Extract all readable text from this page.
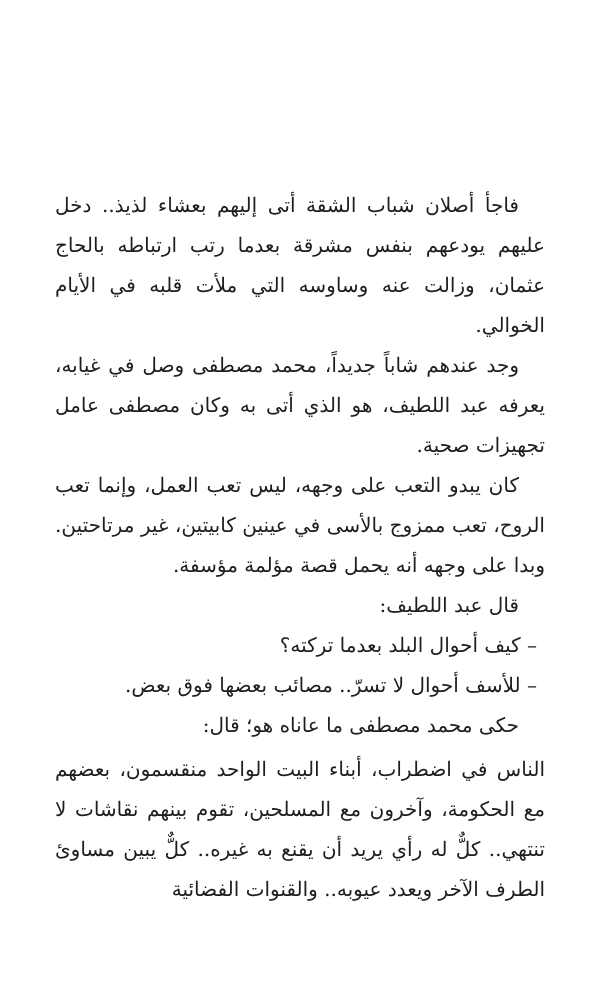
فاجأ أصلان شباب الشقة أتى إليهم بعشاء لذيذ.. دخل عليهم يودعهم بنفس مشرقة بعدما رتب ارتباطه بالحاج عثمان، وزالت عنه وساوسه التي ملأت قلبه في الأيام الخوالي.

وجد عندهم شاباً جديداً، محمد مصطفى وصل في غيابه، يعرفه عبد اللطيف، هو الذي أتى به وكان مصطفى عامل تجهيزات صحية.

كان يبدو التعب على وجهه، ليس تعب العمل، وإنما تعب الروح، تعب ممزوج بالأسى في عينين كابيتين، غير مرتاحتين. وبدا على وجهه أنه يحمل قصة مؤلمة مؤسفة.

قال عبد اللطيف:

– كيف أحوال البلد بعدما تركته؟

– للأسف أحوال لا تسرّ.. مصائب بعضها فوق بعض.

حكى محمد مصطفى ما عاناه هو؛ قال:

الناس في اضطراب، أبناء البيت الواحد منقسمون، بعضهم مع الحكومة، وآخرون مع المسلحين، تقوم بينهم نقاشات لا تنتهي.. كلٌّ له رأي يريد أن يقنع به غيره.. كلٌّ يبين مساوئ الطرف الآخر ويعدد عيوبه.. والقنوات الفضائية
